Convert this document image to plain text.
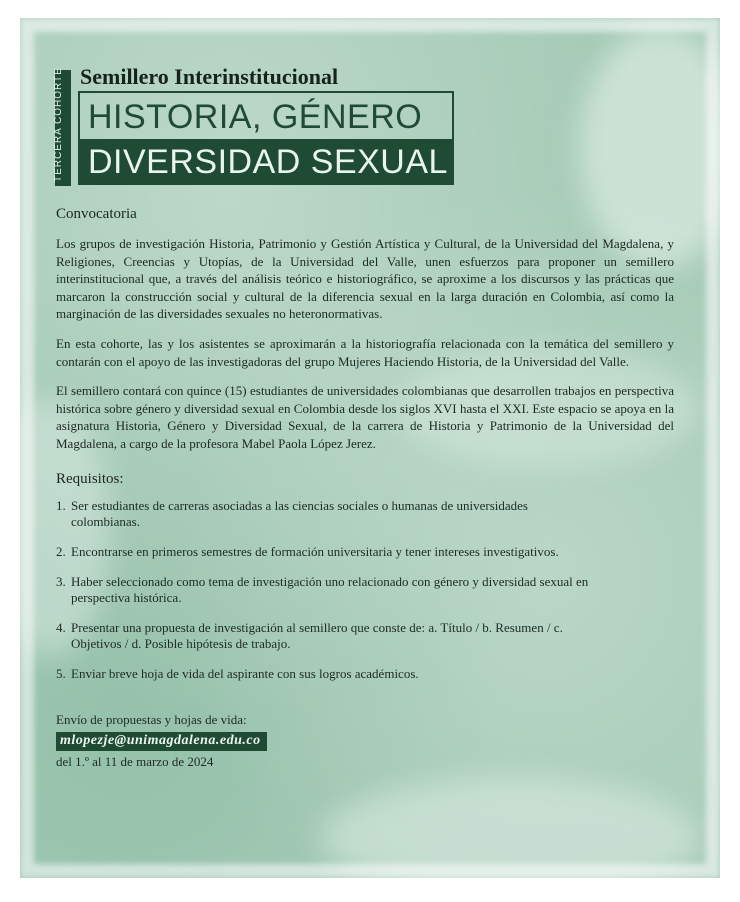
TERCERA COHORTE Semillero Interinstitucional
HISTORIA, GÉNERO
DIVERSIDAD SEXUAL
Convocatoria

Los grupos de investigación Historia, Patrimonio y Gestión Artística y Cultural, de la Universidad del Magdalena, y Religiones, Creencias y Utopías, de la Universidad del Valle, unen esfuerzos para proponer un semillero interinstitucional que, a través del análisis teórico e historiográfico, se aproxime a los discursos y las prácticas que marcaron la construcción social y cultural de la diferencia sexual en la larga duración en Colombia, así como la marginación de las diversidades sexuales no heteronormativas.

En esta cohorte, las y los asistentes se aproximarán a la historiografía relacionada con la temática del semillero y contarán con el apoyo de las investigadoras del grupo Mujeres Haciendo Historia, de la Universidad del Valle.

El semillero contará con quince (15) estudiantes de universidades colombianas que desarrollen trabajos en perspectiva histórica sobre género y diversidad sexual en Colombia desde los siglos XVI hasta el XXI. Este espacio se apoya en la asignatura Historia, Género y Diversidad Sexual, de la carrera de Historia y Patrimonio de la Universidad del Magdalena, a cargo de la profesora Mabel Paola López Jerez.

Requisitos:
1. Ser estudiantes de carreras asociadas a las ciencias sociales o humanas de universidades colombianas.
2. Encontrarse en primeros semestres de formación universitaria y tener intereses investigativos.
3. Haber seleccionado como tema de investigación uno relacionado con género y diversidad sexual en perspectiva histórica.
4. Presentar una propuesta de investigación al semillero que conste de: a. Título / b. Resumen / c. Objetivos / d. Posible hipótesis de trabajo.
5. Enviar breve hoja de vida del aspirante con sus logros académicos.
Envío de propuestas y hojas de vida:
mlopezje@unimagdalena.edu.co
del 1.º al 11 de marzo de 2024
